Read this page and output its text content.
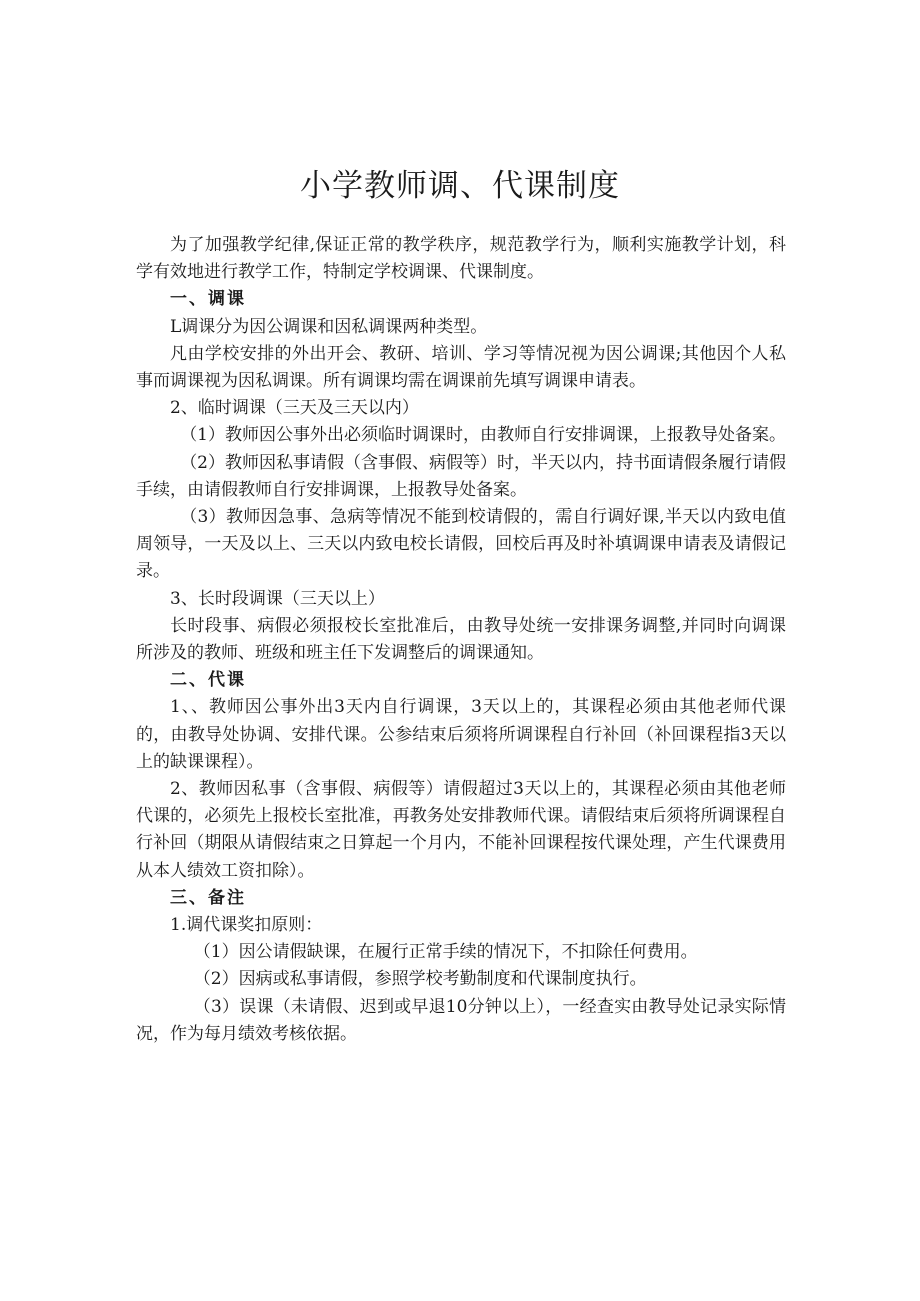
小学教师调、代课制度

为了加强教学纪律,保证正常的教学秩序，规范教学行为，顺利实施教学计划，科学有效地进行教学工作，特制定学校调课、代课制度。

一、调课

L调课分为因公调课和因私调课两种类型。

凡由学校安排的外出开会、教研、培训、学习等情况视为因公调课;其他因个人私事而调课视为因私调课。所有调课均需在调课前先填写调课申请表。

2、临时调课（三天及三天以内）

（1）教师因公事外出必须临时调课时，由教师自行安排调课，上报教导处备案。

（2）教师因私事请假（含事假、病假等）时，半天以内，持书面请假条履行请假手续，由请假教师自行安排调课，上报教导处备案。

（3）教师因急事、急病等情况不能到校请假的，需自行调好课,半天以内致电值周领导，一天及以上、三天以内致电校长请假，回校后再及时补填调课申请表及请假记录。

3、长时段调课（三天以上）

长时段事、病假必须报校长室批准后，由教导处统一安排课务调整,并同时向调课所涉及的教师、班级和班主任下发调整后的调课通知。

二、代课

1、、教师因公事外出3天内自行调课，3天以上的，其课程必须由其他老师代课的，由教导处协调、安排代课。公参结束后须将所调课程自行补回（补回课程指3天以上的缺课课程）。

2、教师因私事（含事假、病假等）请假超过3天以上的，其课程必须由其他老师代课的，必须先上报校长室批准，再教务处安排教师代课。请假结束后须将所调课程自行补回（期限从请假结束之日算起一个月内，不能补回课程按代课处理，产生代课费用从本人绩效工资扣除）。

三、备注

1.调代课奖扣原则：

（1）因公请假缺课，在履行正常手续的情况下，不扣除任何费用。

（2）因病或私事请假，参照学校考勤制度和代课制度执行。

（3）误课（未请假、迟到或早退10分钟以上），一经查实由教导处记录实际情况，作为每月绩效考核依据。
